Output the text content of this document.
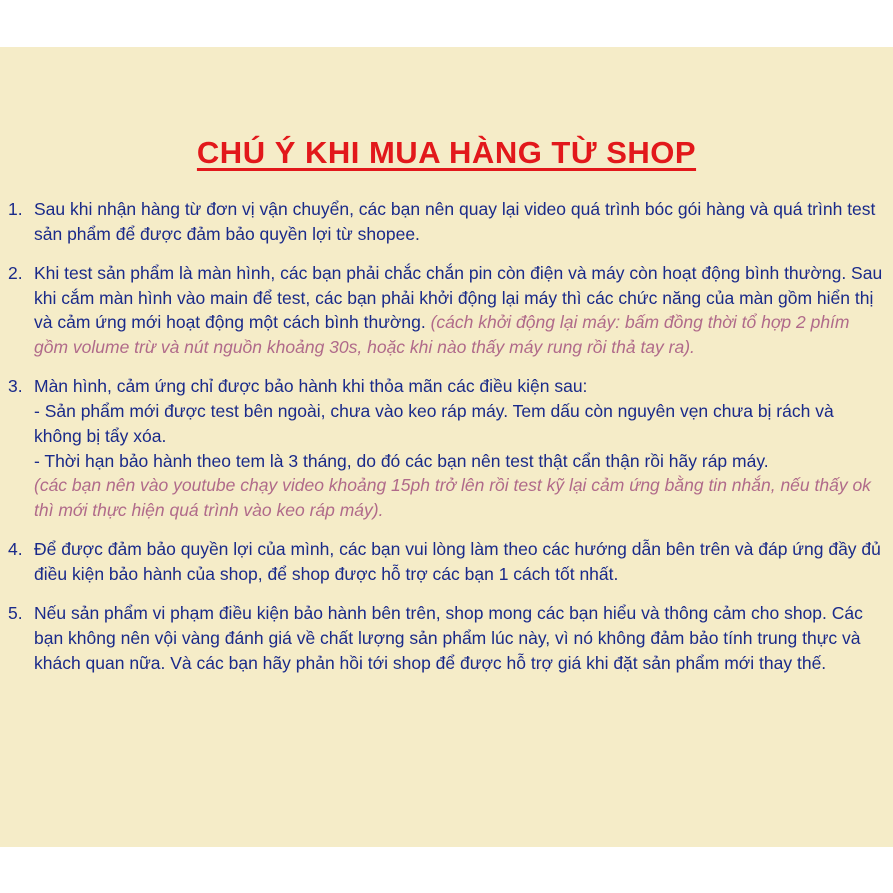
CHÚ Ý KHI MUA HÀNG TỪ SHOP
1. Sau khi nhận hàng từ đơn vị vận chuyển, các bạn nên quay lại video quá trình bóc gói hàng và quá trình test sản phẩm để được đảm bảo quyền lợi từ shopee.

2. Khi test sản phẩm là màn hình, các bạn phải chắc chắn pin còn điện và máy còn hoạt động bình thường. Sau khi cắm màn hình vào main để test, các bạn phải khởi động lại máy thì các chức năng của màn gồm hiển thị và cảm ứng mới hoạt động một cách bình thường. (cách khởi động lại máy: bấm đồng thời tổ hợp 2 phím gồm volume trừ và nút nguồn khoảng 30s, hoặc khi nào thấy máy rung rồi thả tay ra).

3. Màn hình, cảm ứng chỉ được bảo hành khi thỏa mãn các điều kiện sau:

- Sản phẩm mới được test bên ngoài, chưa vào keo ráp máy. Tem dấu còn nguyên vẹn chưa bị rách và không bị tẩy xóa.

- Thời hạn bảo hành theo tem là 3 tháng, do đó các bạn nên test thật cẩn thận rồi hãy ráp máy.

(các bạn nên vào youtube chạy video khoảng 15ph trở lên rồi test kỹ lại cảm ứng bằng tin nhắn, nếu thấy ok thì mới thực hiện quá trình vào keo ráp máy).

4. Để được đảm bảo quyền lợi của mình, các bạn vui lòng làm theo các hướng dẫn bên trên và đáp ứng đầy đủ điều kiện bảo hành của shop, để shop được hỗ trợ các bạn 1 cách tốt nhất.

5. Nếu sản phẩm vi phạm điều kiện bảo hành bên trên, shop mong các bạn hiểu và thông cảm cho shop. Các bạn không nên vội vàng đánh giá về chất lượng sản phẩm lúc này, vì nó không đảm bảo tính trung thực và khách quan nữa. Và các bạn hãy phản hồi tới shop để được hỗ trợ giá khi đặt sản phẩm mới thay thế.
